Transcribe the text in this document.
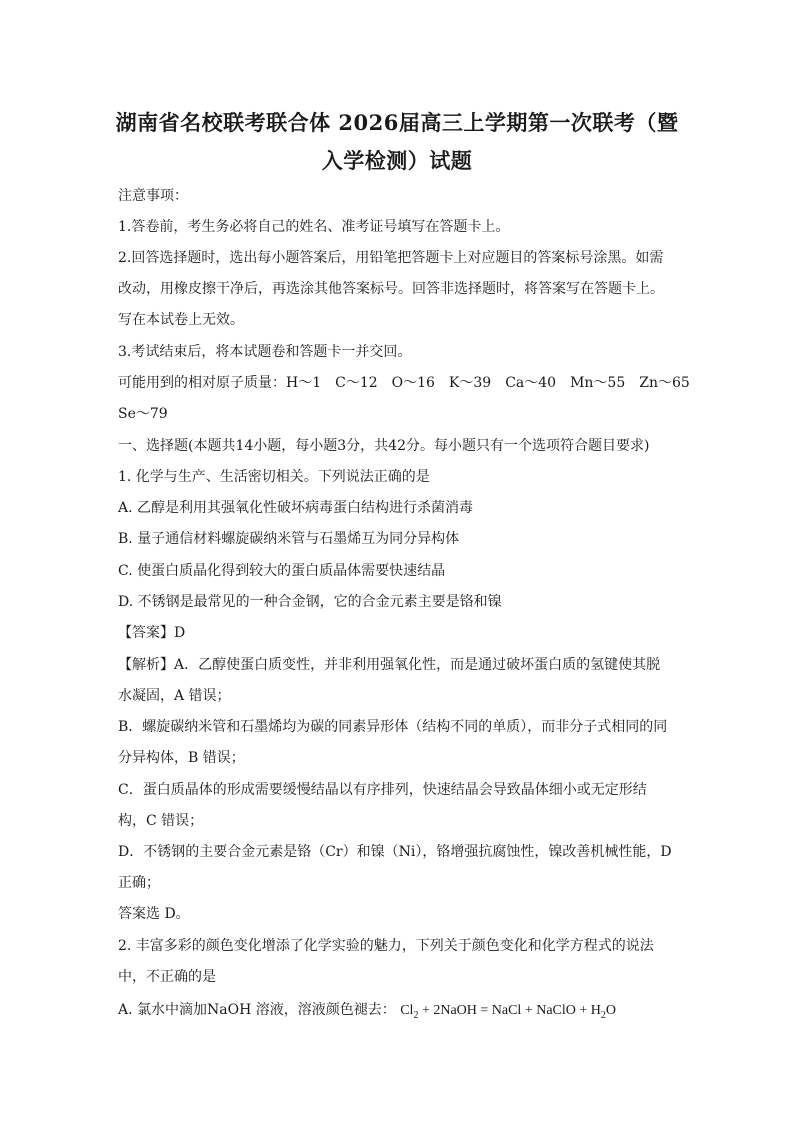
湖南省名校联考联合体 2026届高三上学期第一次联考（暨
入学检测）试题
注意事项：
1.答卷前，考生务必将自己的姓名、准考证号填写在答题卡上。
2.回答选择题时，选出每小题答案后，用铅笔把答题卡上对应题目的答案标号涂黑。如需
改动，用橡皮擦干净后，再选涂其他答案标号。回答非选择题时，将答案写在答题卡上。
写在本试卷上无效。
3.考试结束后，将本试题卷和答题卡一并交回。
可能用到的相对原子质量：H～1　C～12　O～16　K～39　Ca～40　Mn～55　Zn～65
Se～79
一、选择题(本题共14小题，每小题3分，共42分。每小题只有一个选项符合题目要求)
1. 化学与生产、生活密切相关。下列说法正确的是
A. 乙醇是利用其强氧化性破坏病毒蛋白结构进行杀菌消毒
B. 量子通信材料螺旋碳纳米管与石墨烯互为同分异构体
C. 使蛋白质晶化得到较大的蛋白质晶体需要快速结晶
D. 不锈钢是最常见的一种合金钢，它的合金元素主要是铬和镍
【答案】D
【解析】A．乙醇使蛋白质变性，并非利用强氧化性，而是通过破坏蛋白质的氢键使其脱
水凝固，A 错误；
B．螺旋碳纳米管和石墨烯均为碳的同素异形体（结构不同的单质），而非分子式相同的同
分异构体，B 错误；
C．蛋白质晶体的形成需要缓慢结晶以有序排列，快速结晶会导致晶体细小或无定形结
构，C 错误；
D．不锈钢的主要合金元素是铬（Cr）和镍（Ni），铬增强抗腐蚀性，镍改善机械性能，D
正确；
答案选 D。
2. 丰富多彩的颜色变化增添了化学实验的魅力，下列关于颜色变化和化学方程式的说法
中，不正确的是
A. 氯水中滴加NaOH 溶液，溶液颜色褪去： $Cl_2$ + 2NaOH = NaCl + NaClO + $H_2O$
